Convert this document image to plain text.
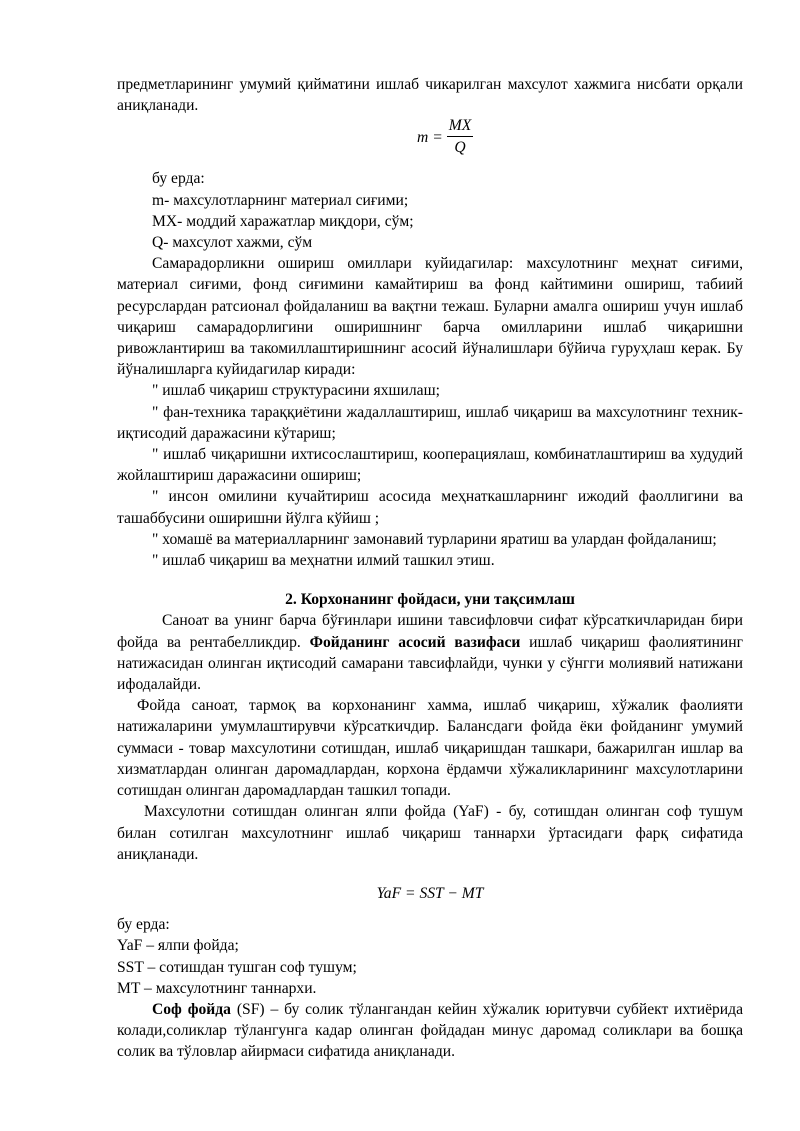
предметларининг умумий қийматини ишлаб чикарилган махсулот хажмига нисбати орқали аниқланади.

$m = \frac{MX}{Q}$

бу ерда:

m- махсулотларнинг материал сиғими;

MX- моддий харажатлар миқдори, сўм;

Q- махсулот хажми, сўм

Самарадорликни ошириш омиллари куйидагилар: махсулотнинг меҳнат сиғими, материал сиғими, фонд сиғимини камайтириш ва фонд кайтимини ошириш, табиий ресурслардан ратсионал фойдаланиш ва вақтни тежаш. Буларни амалга ошириш учун ишлаб чиқариш самарадорлигини оширишнинг барча омилларини ишлаб чиқаришни ривожлантириш ва такомиллаштиришнинг асосий йўналишлари бўйича гуруҳлаш керак. Бу йўналишларга куйидагилар киради:

" ишлаб чиқариш структурасини яхшилаш;

" фан-техника тараққиётини жадаллаштириш, ишлаб чиқариш ва махсулотнинг техник-иқтисодий даражасини кўтариш;

" ишлаб чиқаришни ихтисослаштириш, кооперациялаш, комбинатлаштириш ва худудий жойлаштириш даражасини ошириш;

" инсон омилини кучайтириш асосида меҳнаткашларнинг ижодий фаоллигини ва ташаббусини оширишни йўлга кўйиш ;

" хомашё ва материалларнинг замонавий турларини яратиш ва улардан фойдаланиш;

" ишлаб чиқариш ва меҳнатни илмий ташкил этиш.

2. Корхонанинг фойдаси, уни тақсимлаш

Саноат ва унинг барча бўғинлари ишини тавсифловчи сифат кўрсаткичларидан бири фойда ва рентабелликдир. Фойданинг асосий вазифаси ишлаб чиқариш фаолиятининг натижасидан олинган иқтисодий самарани тавсифлайди, чунки у сўнгги молиявий натижани ифодалайди.

Фойда саноат, тармоқ ва корхонанинг хамма, ишлаб чиқариш, хўжалик фаолияти натижаларини умумлаштирувчи кўрсаткичдир. Балансдаги фойда ёки фойданинг умумий суммаси - товар махсулотини сотишдан, ишлаб чиқаришдан ташкари, бажарилган ишлар ва хизматлардан олинган даромадлардан, корхона ёрдамчи хўжаликларининг махсулотларини сотишдан олинган даромадлардан ташкил топади.

Махсулотни сотишдан олинган ялпи фойда (YaF) - бу, сотишдан олинган соф тушум билан сотилган махсулотнинг ишлаб чиқариш таннархи ўртасидаги фарқ сифатида аниқланади.

YaF = SST − MT

бу ерда:

YaF – ялпи фойда;

SST – сотишдан тушган соф тушум;

MT – махсулотнинг таннархи.

Соф фойда (SF) – бу солик тўлангандан кейин хўжалик юритувчи субйект ихтиёрида колади,соликлар тўлангунга кадар олинган фойдадан минус даромад соликлари ва бошқа солик ва тўловлар айирмаси сифатида аниқланади.
